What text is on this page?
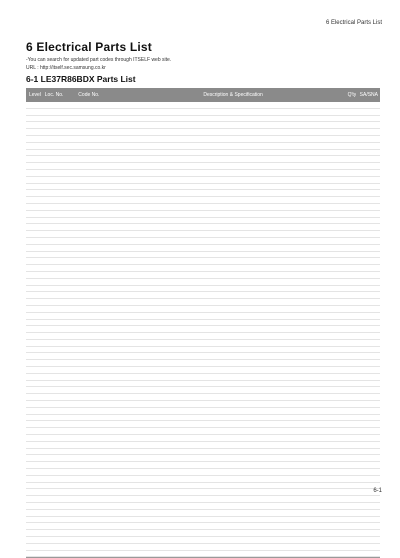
6 Electrical Parts List
6 Electrical Parts List
-You can search for updated part codes through ITSELF web site.
URL : http://itself.sec.samsung.co.kr
6-1 LE37R86BDX Parts List
Level Loc. No.	Code No.	Description & Specification	Q'ty SA/SNA
6-1
